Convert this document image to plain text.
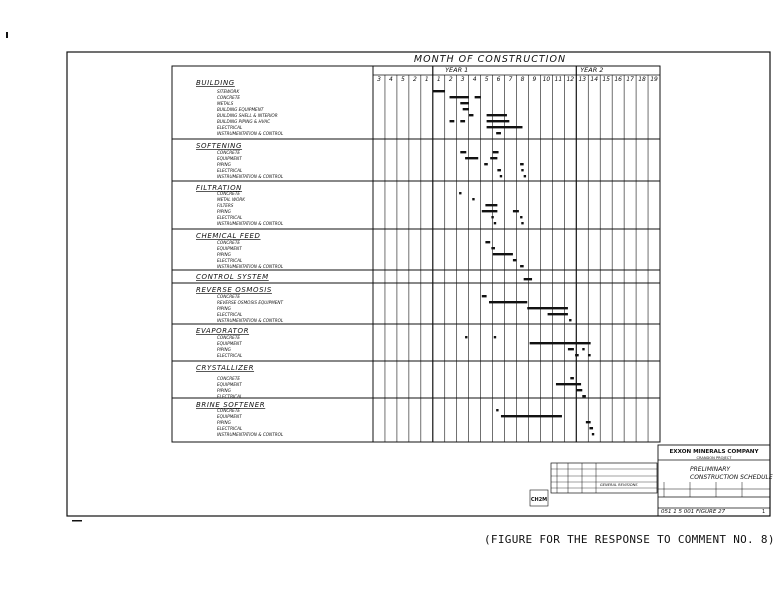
MONTH OF CONSTRUCTION
YEAR 1	YEAR 2
3 4 5 2 1 1 2 3 4 5 6 7 8 9 10 11 12 13 14 15 16 17 18 19
BUILDING
SITEWORK
CONCRETE
METALS
BUILDING EQUIPMENT
BUILDING SHELL & INTERIOR
BUILDING PIPING & HVAC
ELECTRICAL
INSTRUMENTATION & CONTROL
SOFTENING
CONCRETE
EQUIPMENT
PIPING
ELECTRICAL
INSTRUMENTATION & CONTROL
FILTRATION
CONCRETE
METAL WORK
FILTERS
PIPING
ELECTRICAL
INSTRUMENTATION & CONTROL
CHEMICAL FEED
CONCRETE
EQUIPMENT
PIPING
ELECTRICAL
INSTRUMENTATION & CONTROL
CONTROL SYSTEM
REVERSE OSMOSIS
CONCRETE
REVERSE OSMOSIS EQUIPMENT
PIPING
ELECTRICAL
INSTRUMENTATION & CONTROL
EVAPORATOR
CONCRETE
EQUIPMENT
PIPING
ELECTRICAL
CRYSTALLIZER
CONCRETE
EQUIPMENT
PIPING
ELECTRICAL
BRINE SOFTENER
CONCRETE
EQUIPMENT
PIPING
ELECTRICAL
INSTRUMENTATION & CONTROL
EXXON MINERALS COMPANY
CRANDON PROJECT
PRELIMINARY
CONSTRUCTION SCHEDULE
051 1 5 001 FIGURE 27	1
GENERAL REVISIONS
CH2M
(FIGURE FOR THE RESPONSE TO COMMENT NO. 8)
